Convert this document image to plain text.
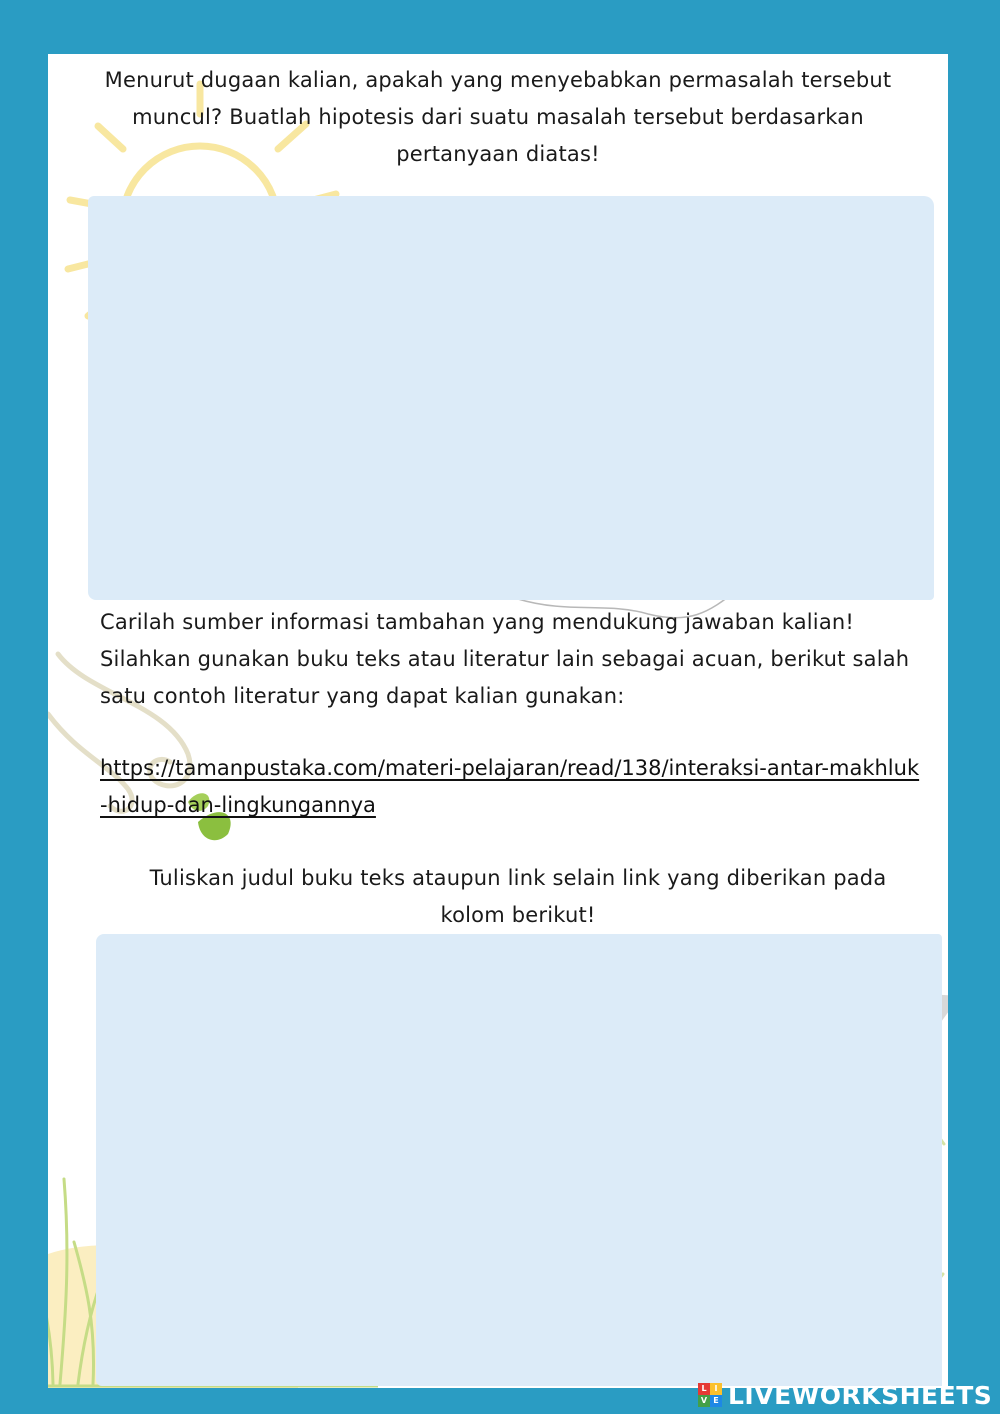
Menurut dugaan kalian, apakah yang menyebabkan permasalah tersebut muncul? Buatlah hipotesis dari suatu masalah tersebut berdasarkan pertanyaan diatas!
Carilah sumber informasi tambahan yang mendukung jawaban kalian! Silahkan gunakan buku teks atau literatur lain sebagai acuan, berikut salah satu contoh literatur yang dapat kalian gunakan:
https://tamanpustaka.com/materi-pelajaran/read/138/interaksi-antar-makhluk-hidup-dan-lingkungannya
Tuliskan judul buku teks ataupun link selain link yang diberikan pada kolom berikut!
L I
V E LIVEWORKSHEETS
